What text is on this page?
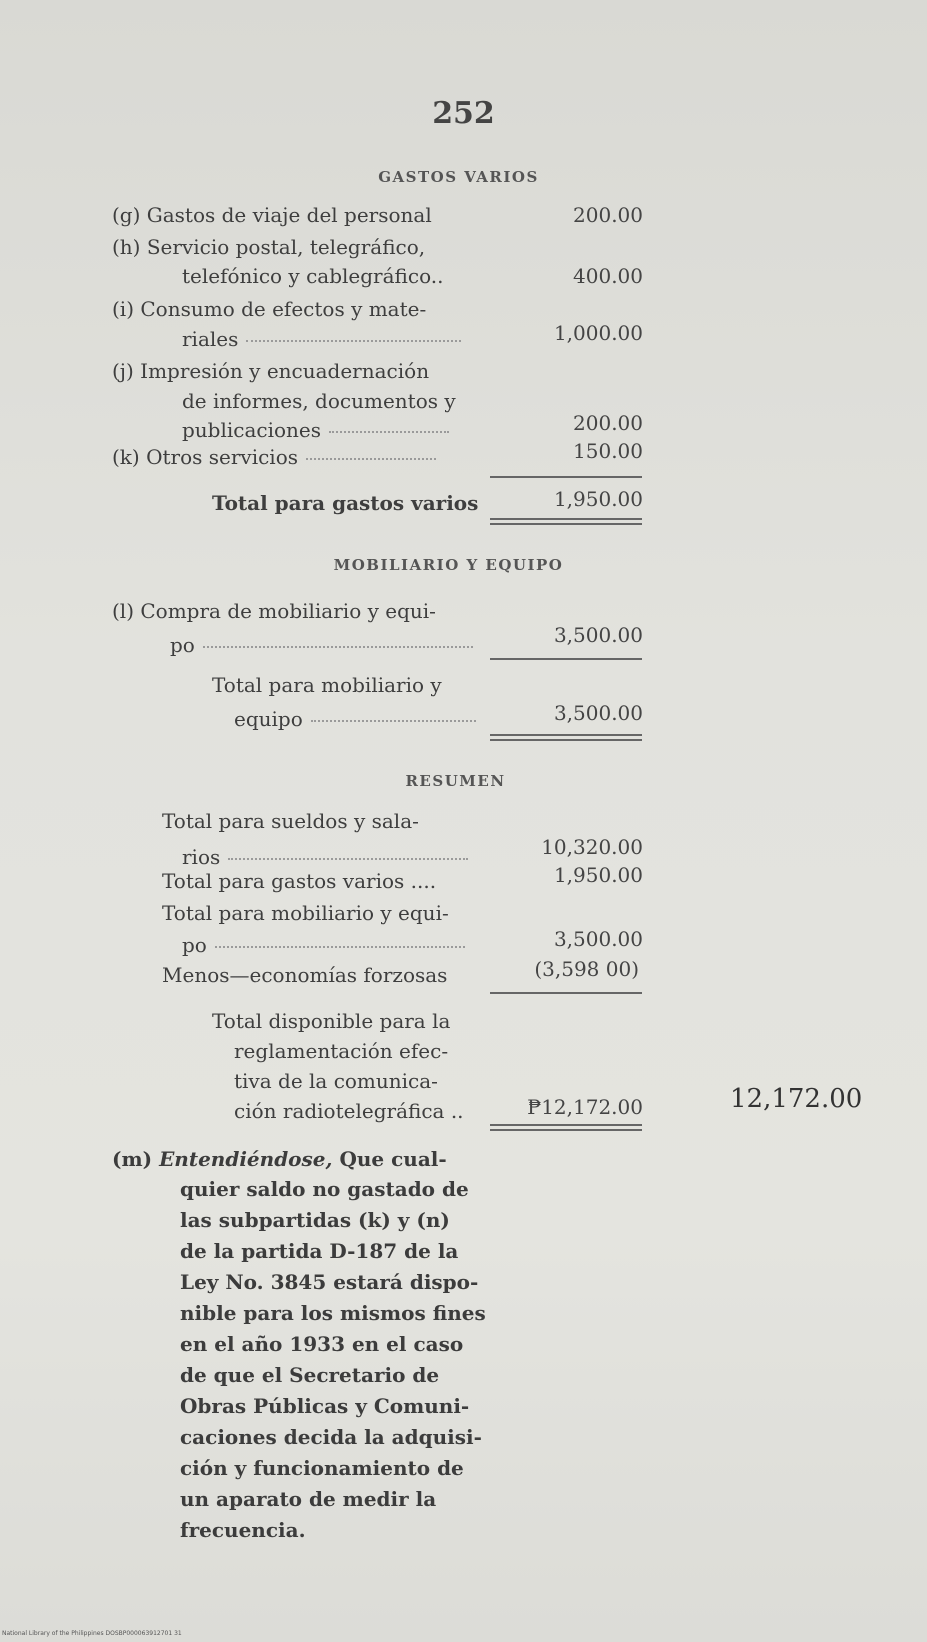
252
GASTOS VARIOS
(g) Gastos de viaje del personal	200.00
(h) Servicio postal, telegráfico,
telefónico y cablegráfico..	400.00
(i) Consumo de efectos y mate-
riales	1,000.00
(j) Impresión y encuadernación
de informes, documentos y
publicaciones	200.00
(k) Otros servicios	150.00
Total para gastos varios	1,950.00
MOBILIARIO Y EQUIPO
(l) Compra de mobiliario y equi-
po	3,500.00
Total para mobiliario y
equipo	3,500.00
RESUMEN
Total para sueldos y sala-
rios	10,320.00
Total para gastos varios ....	1,950.00
Total para mobiliario y equi-
po	3,500.00
Menos—economías forzosas	(3,598 00)
Total disponible para la
reglamentación efec-
tiva de la comunica-
ción radiotelegráfica ..	₱12,172.00	12,172.00
(m) Entendiéndose, Que cual-
quier saldo no gastado de
las subpartidas (k) y (n)
de la partida D-187 de la
Ley No. 3845 estará dispo-
nible para los mismos fines
en el año 1933 en el caso
de que el Secretario de
Obras Públicas y Comuni-
caciones decida la adquisi-
ción y funcionamiento de
un aparato de medir la
frecuencia.
National Library of the Philippines DOSBP000063912701 31
